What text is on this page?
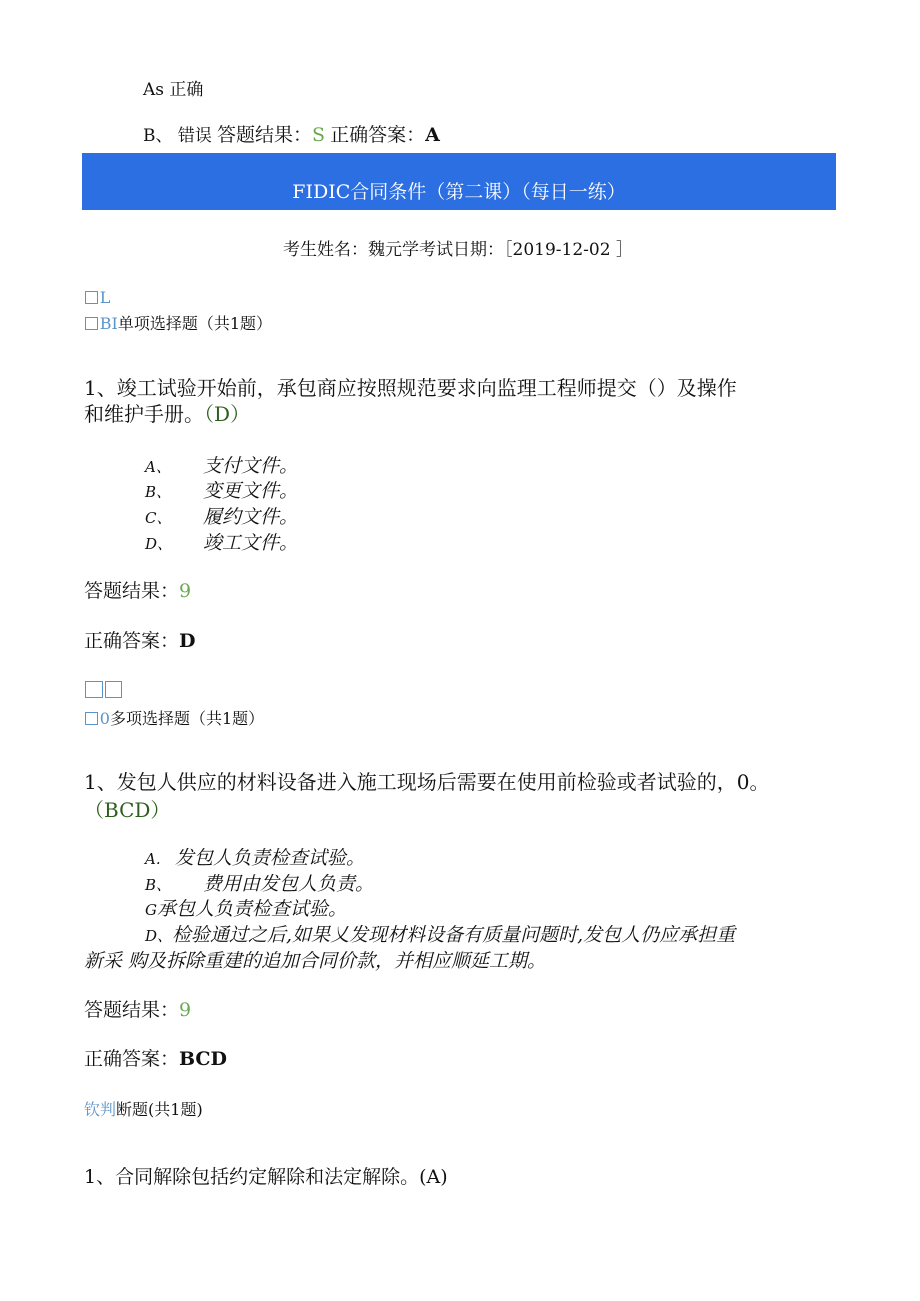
As 正确
B、 错误 答题结果：S 正确答案：A
FIDIC合同条件（第二课）（每日一练）
考生姓名：魏元学考试日期：［2019-12-02 ］
L
BI单项选择题（共1题）
1、竣工试验开始前，承包商应按照规范要求向监理工程师提交（）及操作
和维护手册。（D）
A、 支付文件。
B、 变更文件。
C、 履约文件。
D、 竣工文件。
答题结果：9
正确答案：D
0多项选择题（共1题）
1、发包人供应的材料设备进入施工现场后需要在使用前检验或者试验的，0。
（BCD）
A. 发包人负责检查试验。
B、 费用由发包人负责。
G承包人负责检查试验。
D、检验通过之后,如果乂发现材料设备有质量问题时,发包人仍应承担重
新采 购及拆除重建的追加合同价款，并相应顺延工期。
答题结果：9
正确答案：BCD
钦判断题(共1题)
1、合同解除包括约定解除和法定解除。(A)
